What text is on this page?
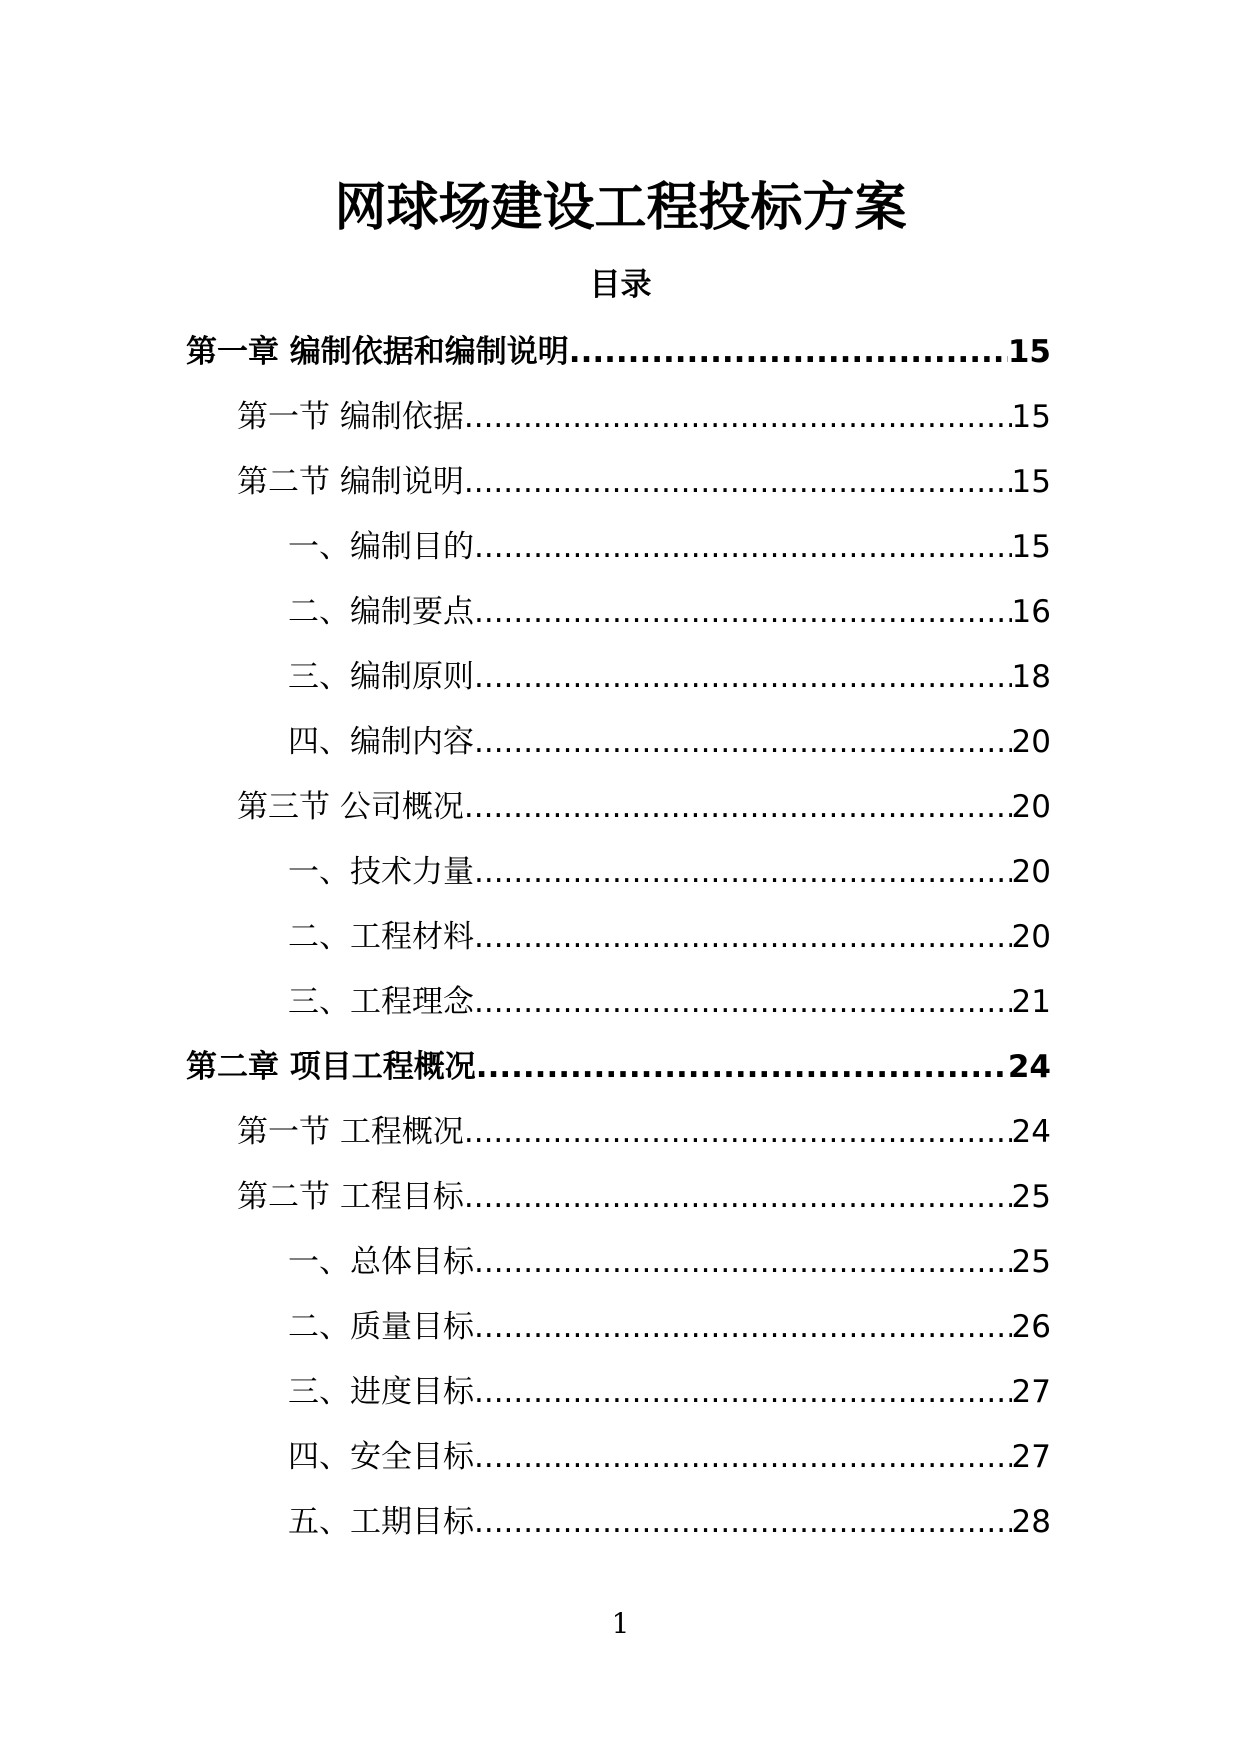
网球场建设工程投标方案
目录
第一章 编制依据和编制说明 .....	15
第一节 编制依据 .....	15
第二节 编制说明 .....	15
一、编制目的 .....	15
二、编制要点 .....	16
三、编制原则 .....	18
四、编制内容 .....	20
第三节 公司概况 .....	20
一、技术力量 .....	20
二、工程材料 .....	20
三、工程理念 .....	21
第二章 项目工程概况 .....	24
第一节 工程概况 .....	24
第二节 工程目标 .....	25
一、总体目标 .....	25
二、质量目标 .....	26
三、进度目标 .....	27
四、安全目标 .....	27
五、工期目标 .....	28
1
